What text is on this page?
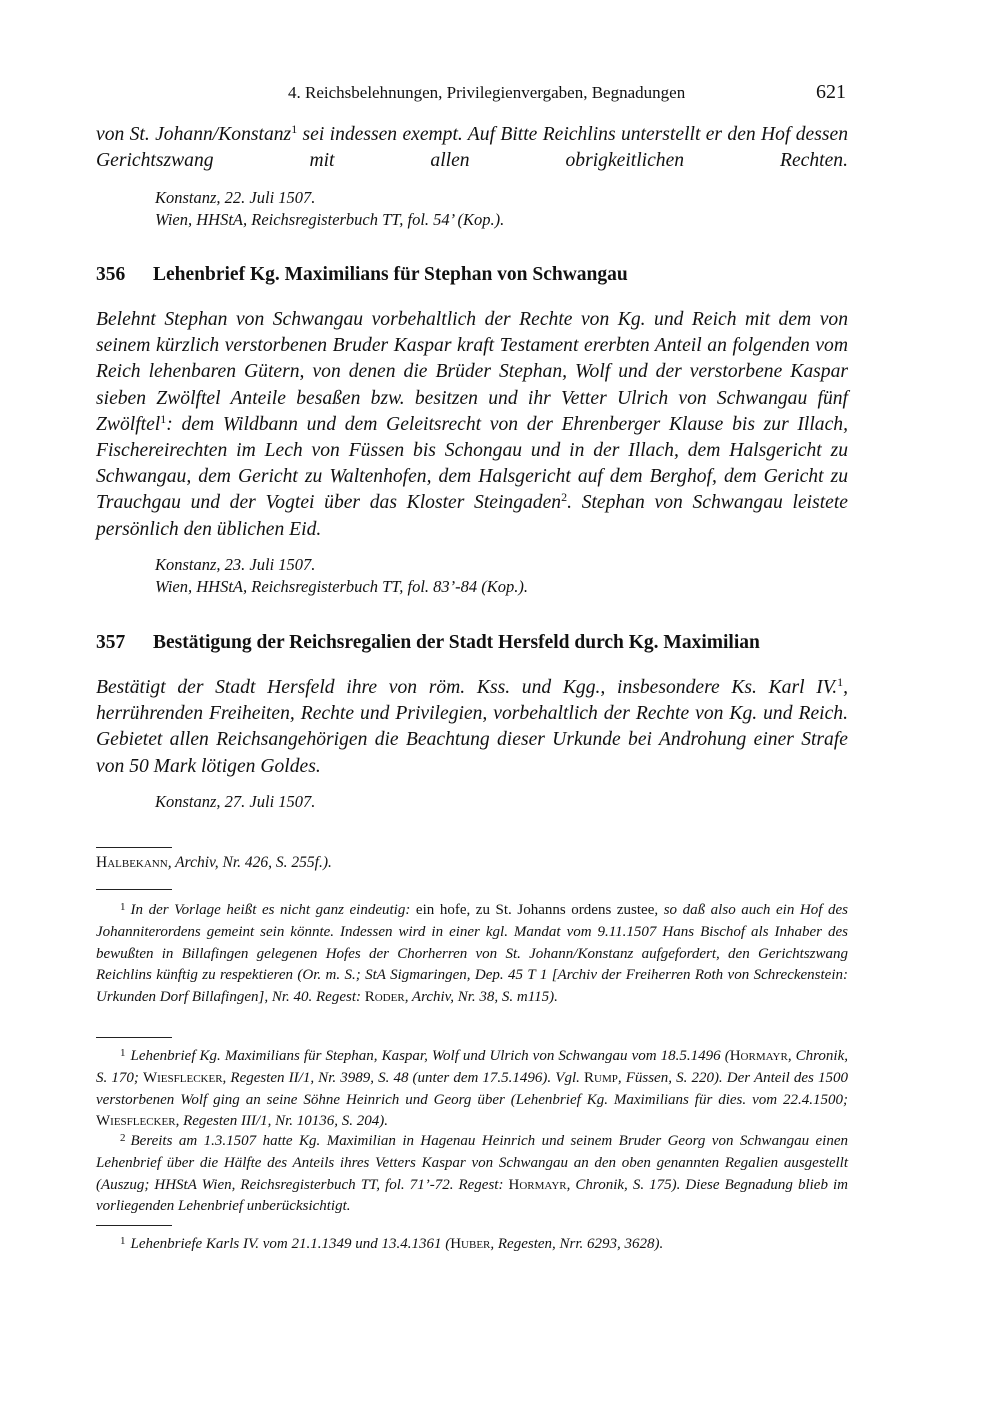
4. Reichsbelehnungen, Privilegienvergaben, Begnadungen	621

von St. Johann/Konstanz$^1$ sei indessen exempt. Auf Bitte Reichlins unterstellt er den Hof dessen Gerichtszwang mit allen obrigkeitlichen Rechten.

Konstanz, 22. Juli 1507.
Wien, HHStA, Reichsregisterbuch TT, fol. 54’ (Kop.).
356 Lehenbrief Kg. Maximilians für Stephan von Schwangau

Belehnt Stephan von Schwangau vorbehaltlich der Rechte von Kg. und Reich mit dem von seinem kürzlich verstorbenen Bruder Kaspar kraft Testament ererbten Anteil an folgenden vom Reich lehenbaren Gütern, von denen die Brüder Stephan, Wolf und der verstorbene Kaspar sieben Zwölftel Anteile besaßen bzw. besitzen und ihr Vetter Ulrich von Schwangau fünf Zwölftel$^1$: dem Wildbann und dem Geleitsrecht von der Ehrenberger Klause bis zur Illach, Fischereirechten im Lech von Füssen bis Schongau und in der Illach, dem Halsgericht zu Schwangau, dem Gericht zu Waltenhofen, dem Halsgericht auf dem Berghof, dem Gericht zu Trauchgau und der Vogtei über das Kloster Steingaden$^2$. Stephan von Schwangau leistete persönlich den üblichen Eid.

Konstanz, 23. Juli 1507.
Wien, HHStA, Reichsregisterbuch TT, fol. 83’-84 (Kop.).
357 Bestätigung der Reichsregalien der Stadt Hersfeld durch Kg. Maximilian

Bestätigt der Stadt Hersfeld ihre von röm. Kss. und Kgg., insbesondere Ks. Karl IV.$^1$, herrührenden Freiheiten, Rechte und Privilegien, vorbehaltlich der Rechte von Kg. und Reich. Gebietet allen Reichsangehörigen die Beachtung dieser Urkunde bei Androhung einer Strafe von 50 Mark lötigen Goldes.

Konstanz, 27. Juli 1507.
Halbekann, Archiv, Nr. 426, S. 255f.).
$^1$ In der Vorlage heißt es nicht ganz eindeutig: ein hofe, zu St. Johanns ordens zustee, so daß also auch ein Hof des Johanniterordens gemeint sein könnte. Indessen wird in einer kgl. Mandat vom 9.11.1507 Hans Bischof als Inhaber des bewußten in Billafingen gelegenen Hofes der Chorherren von St. Johann/Konstanz aufgefordert, den Gerichtszwang Reichlins künftig zu respektieren (Or. m. S.; StA Sigmaringen, Dep. 45 T 1 [Archiv der Freiherren Roth von Schreckenstein: Urkunden Dorf Billafingen], Nr. 40. Regest: Roder, Archiv, Nr. 38, S. m115).
$^1$ Lehenbrief Kg. Maximilians für Stephan, Kaspar, Wolf und Ulrich von Schwangau vom 18.5.1496 (Hormayr, Chronik, S. 170; Wiesflecker, Regesten II/1, Nr. 3989, S. 48 (unter dem 17.5.1496). Vgl. Rump, Füssen, S. 220). Der Anteil des 1500 verstorbenen Wolf ging an seine Söhne Heinrich und Georg über (Lehenbrief Kg. Maximilians für dies. vom 22.4.1500; Wiesflecker, Regesten III/1, Nr. 10136, S. 204).
$^2$ Bereits am 1.3.1507 hatte Kg. Maximilian in Hagenau Heinrich und seinem Bruder Georg von Schwangau einen Lehenbrief über die Hälfte des Anteils ihres Vetters Kaspar von Schwangau an den oben genannten Regalien ausgestellt (Auszug; HHStA Wien, Reichsregisterbuch TT, fol. 71’-72. Regest: Hormayr, Chronik, S. 175). Diese Begnadung blieb im vorliegenden Lehenbrief unberücksichtigt.
$^1$ Lehenbriefe Karls IV. vom 21.1.1349 und 13.4.1361 (Huber, Regesten, Nrr. 6293, 3628).
